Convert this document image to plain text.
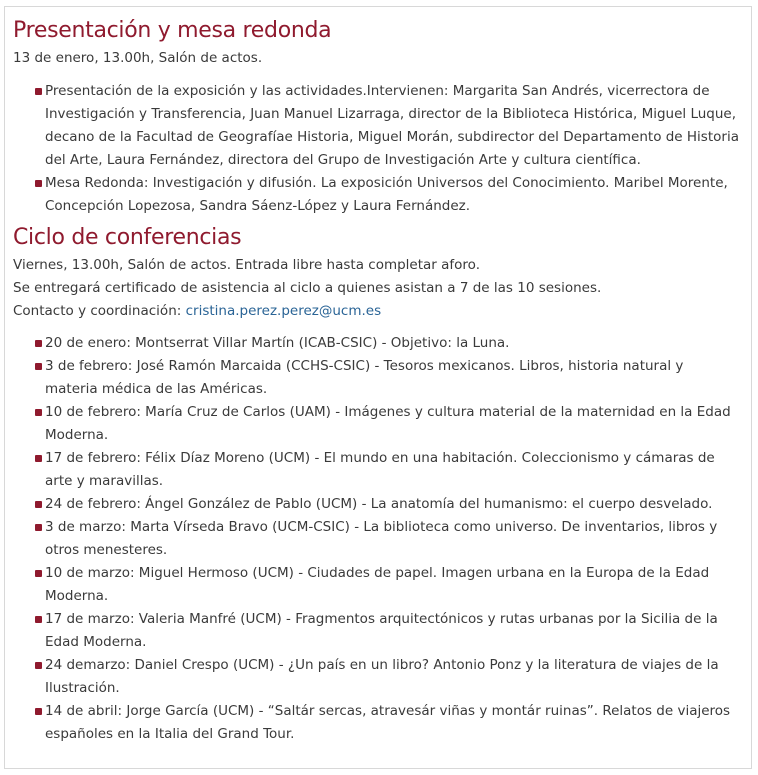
Presentación y mesa redonda

13 de enero, 13.00h, Salón de actos.

Presentación de la exposición y las actividades.Intervienen: Margarita San Andrés, vicerrectora de Investigación y Transferencia, Juan Manuel Lizarraga, director de la Biblioteca Histórica, Miguel Luque, decano de la Facultad de Geografíae Historia, Miguel Morán, subdirector del Departamento de Historia del Arte, Laura Fernández, directora del Grupo de Investigación Arte y cultura científica.
Mesa Redonda: Investigación y difusión. La exposición Universos del Conocimiento. Maribel Morente, Concepción Lopezosa, Sandra Sáenz-López y Laura Fernández.
Ciclo de conferencias

Viernes, 13.00h, Salón de actos. Entrada libre hasta completar aforo.

Se entregará certificado de asistencia al ciclo a quienes asistan a 7 de las 10 sesiones.

Contacto y coordinación: cristina.perez.perez@ucm.es

20 de enero: Montserrat Villar Martín (ICAB-CSIC) - Objetivo: la Luna.
3 de febrero: José Ramón Marcaida (CCHS-CSIC) - Tesoros mexicanos. Libros, historia natural y materia médica de las Américas.
10 de febrero: María Cruz de Carlos (UAM) - Imágenes y cultura material de la maternidad en la Edad Moderna.
17 de febrero: Félix Díaz Moreno (UCM) - El mundo en una habitación. Coleccionismo y cámaras de arte y maravillas.
24 de febrero: Ángel González de Pablo (UCM) - La anatomía del humanismo: el cuerpo desvelado.
3 de marzo: Marta Vírseda Bravo (UCM-CSIC) - La biblioteca como universo. De inventarios, libros y otros menesteres.
10 de marzo: Miguel Hermoso (UCM) - Ciudades de papel. Imagen urbana en la Europa de la Edad Moderna.
17 de marzo: Valeria Manfré (UCM) - Fragmentos arquitectónicos y rutas urbanas por la Sicilia de la Edad Moderna.
24 demarzo: Daniel Crespo (UCM) - ¿Un país en un libro? Antonio Ponz y la literatura de viajes de la Ilustración.
14 de abril: Jorge García (UCM) - “Saltár sercas, atravesár viñas y montár ruinas”. Relatos de viajeros españoles en la Italia del Grand Tour.
